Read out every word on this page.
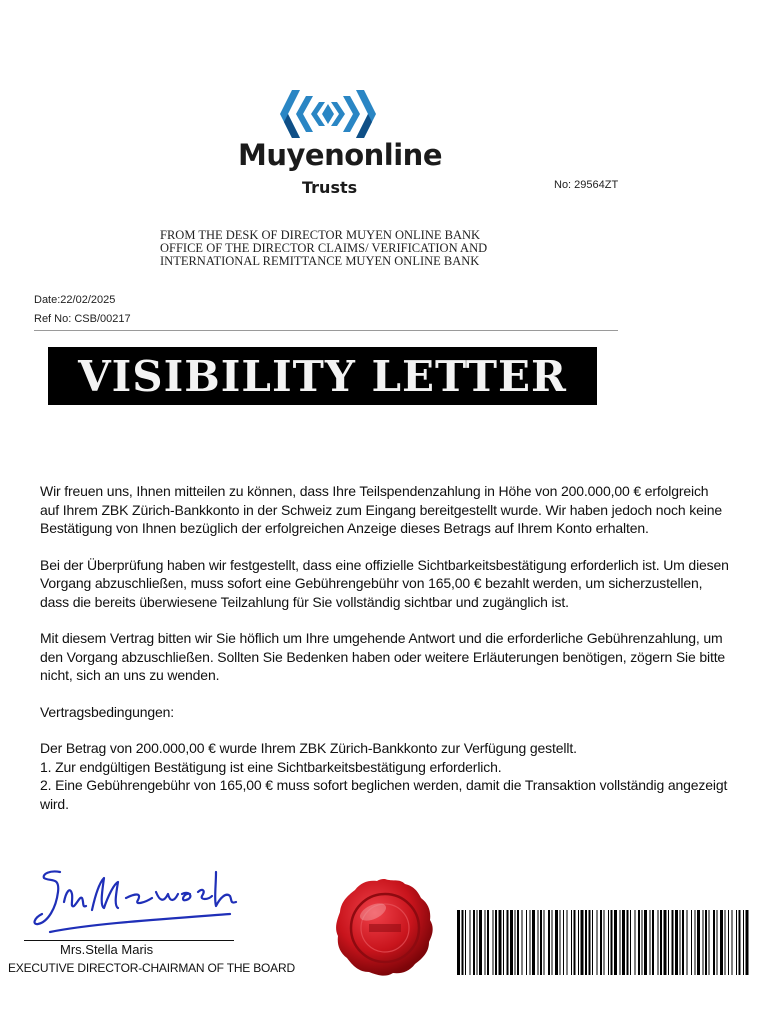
Muyenonline
Trusts	No: 29564ZT
FROM THE DESK OF DIRECTOR MUYEN ONLINE BANK
OFFICE OF THE DIRECTOR CLAIMS/ VERIFICATION AND
INTERNATIONAL REMITTANCE MUYEN ONLINE BANK
Date:22/02/2025
Ref No: CSB/00217
VISIBILITY LETTER

Wir freuen uns, Ihnen mitteilen zu können, dass Ihre Teilspendenzahlung in Höhe von 200.000,00 € erfolgreich auf Ihrem ZBK Zürich-Bankkonto in der Schweiz zum Eingang bereitgestellt wurde. Wir haben jedoch noch keine Bestätigung von Ihnen bezüglich der erfolgreichen Anzeige dieses Betrags auf Ihrem Konto erhalten.

Bei der Überprüfung haben wir festgestellt, dass eine offizielle Sichtbarkeitsbestätigung erforderlich ist. Um diesen Vorgang abzuschließen, muss sofort eine Gebührengebühr von 165,00 € bezahlt werden, um sicherzustellen, dass die bereits überwiesene Teilzahlung für Sie vollständig sichtbar und zugänglich ist.

Mit diesem Vertrag bitten wir Sie höflich um Ihre umgehende Antwort und die erforderliche Gebührenzahlung, um den Vorgang abzuschließen. Sollten Sie Bedenken haben oder weitere Erläuterungen benötigen, zögern Sie bitte nicht, sich an uns zu wenden.

Vertragsbedingungen:

Der Betrag von 200.000,00 € wurde Ihrem ZBK Zürich-Bankkonto zur Verfügung gestellt.

1. Zur endgültigen Bestätigung ist eine Sichtbarkeitsbestätigung erforderlich.

2. Eine Gebührengebühr von 165,00 € muss sofort beglichen werden, damit die Transaktion vollständig angezeigt wird.

Mrs.Stella Maris
EXECUTIVE DIRECTOR-CHAIRMAN OF THE BOARD
